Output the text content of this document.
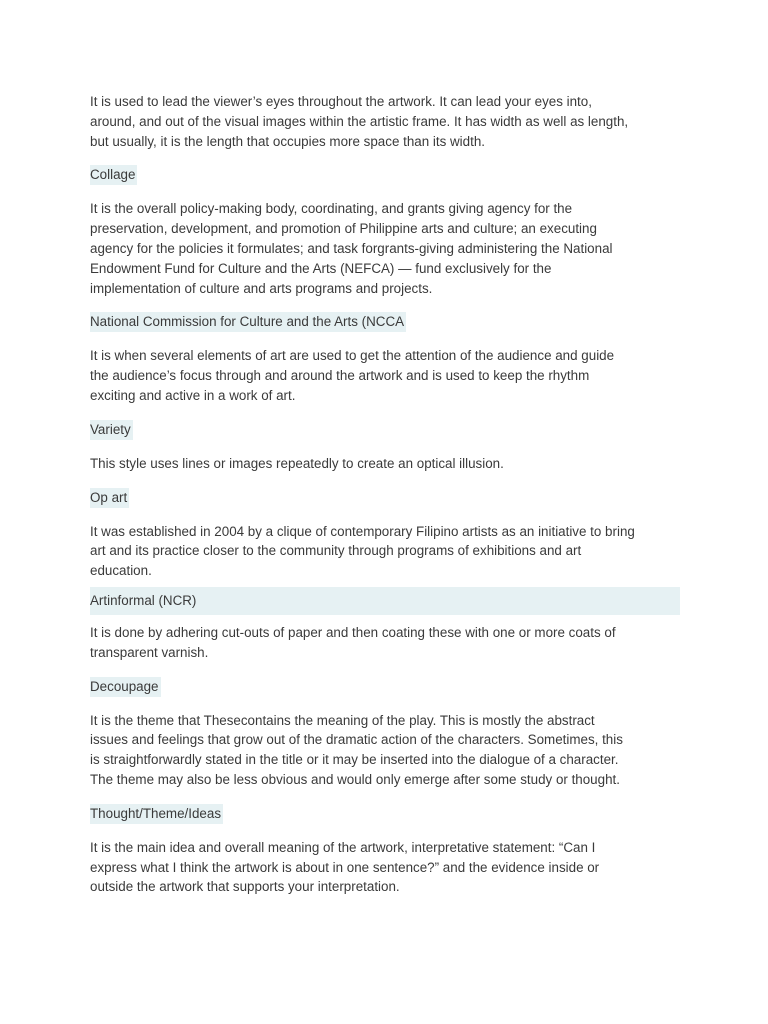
It is used to lead the viewer’s eyes throughout the artwork. It can lead your eyes into,
around, and out of the visual images within the artistic frame. It has width as well as length,
but usually, it is the length that occupies more space than its width.

Collage

It is the overall policy-making body, coordinating, and grants giving agency for the
preservation, development, and promotion of Philippine arts and culture; an executing
agency for the policies it formulates; and task forgrants-giving administering the National
Endowment Fund for Culture and the Arts (NEFCA) — fund exclusively for the
implementation of culture and arts programs and projects.

National Commission for Culture and the Arts (NCCA

It is when several elements of art are used to get the attention of the audience and guide
the audience’s focus through and around the artwork and is used to keep the rhythm
exciting and active in a work of art.

Variety

This style uses lines or images repeatedly to create an optical illusion.

Op art

It was established in 2004 by a clique of contemporary Filipino artists as an initiative to bring
art and its practice closer to the community through programs of exhibitions and art
education.

Artinformal (NCR)

It is done by adhering cut-outs of paper and then coating these with one or more coats of
transparent varnish.

Decoupage

It is the theme that Thesecontains the meaning of the play. This is mostly the abstract
issues and feelings that grow out of the dramatic action of the characters. Sometimes, this
is straightforwardly stated in the title or it may be inserted into the dialogue of a character.
The theme may also be less obvious and would only emerge after some study or thought.

Thought/Theme/Ideas

It is the main idea and overall meaning of the artwork, interpretative statement: “Can I
express what I think the artwork is about in one sentence?” and the evidence inside or
outside the artwork that supports your interpretation.
